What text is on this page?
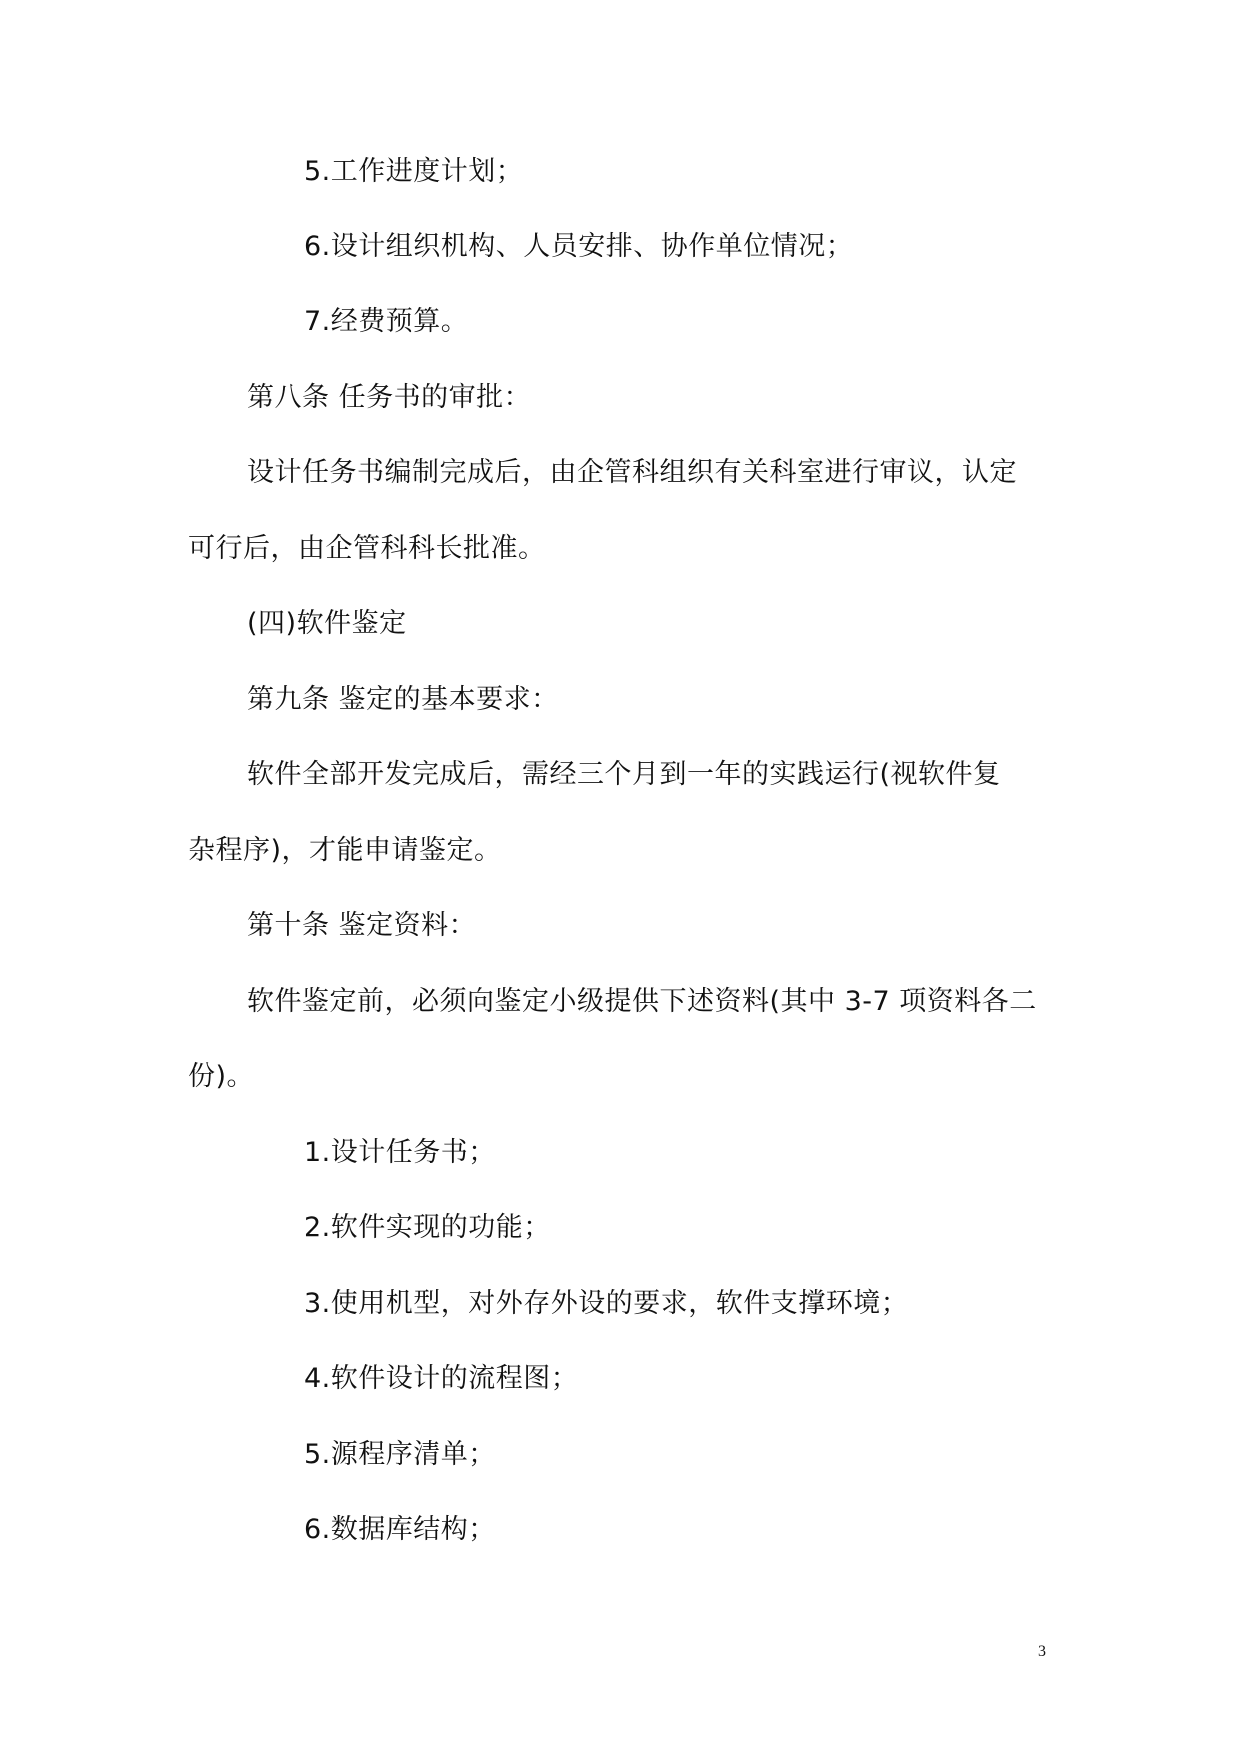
5.工作进度计划；
6.设计组织机构、人员安排、协作单位情况；
7.经费预算。
第八条 任务书的审批：
设计任务书编制完成后，由企管科组织有关科室进行审议，认定
可行后，由企管科科长批准。
(四)软件鉴定
第九条 鉴定的基本要求：
软件全部开发完成后，需经三个月到一年的实践运行(视软件复
杂程序)，才能申请鉴定。
第十条 鉴定资料：
软件鉴定前，必须向鉴定小级提供下述资料(其中 3-7 项资料各二
份)。
1.设计任务书；
2.软件实现的功能；
3.使用机型，对外存外设的要求，软件支撑环境；
4.软件设计的流程图；
5.源程序清单；
6.数据库结构；
3
